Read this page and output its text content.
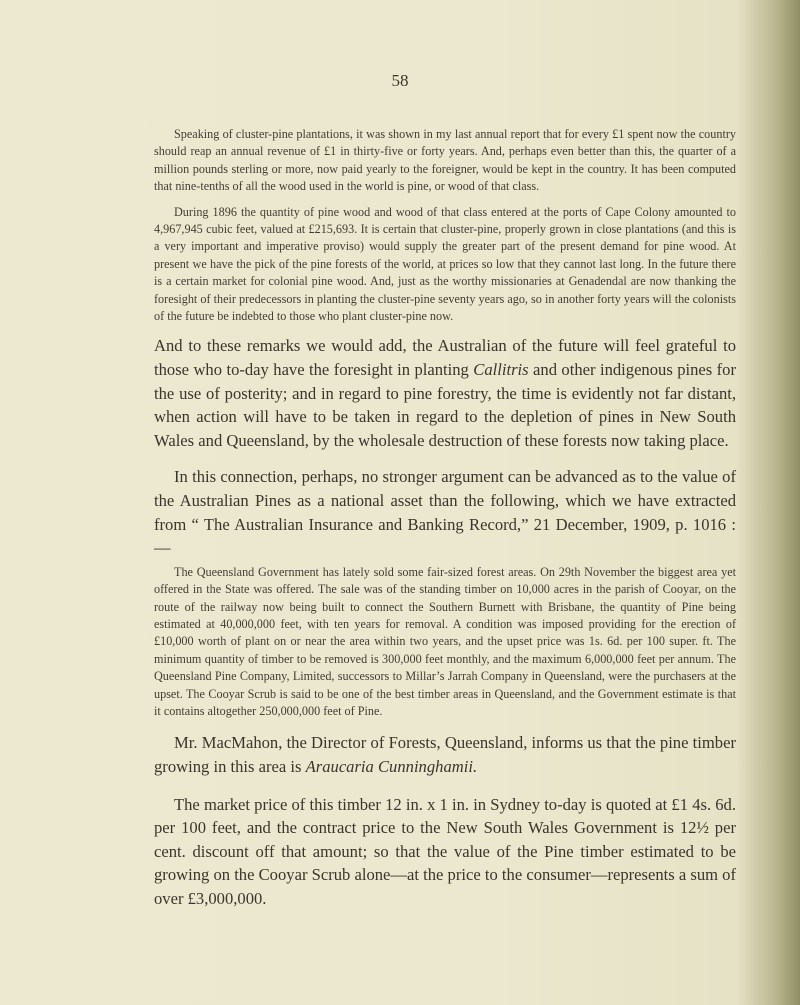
58

Speaking of cluster-pine plantations, it was shown in my last annual report that for every £1 spent now the country should reap an annual revenue of £1 in thirty-five or forty years. And, perhaps even better than this, the quarter of a million pounds sterling or more, now paid yearly to the foreigner, would be kept in the country. It has been computed that nine-tenths of all the wood used in the world is pine, or wood of that class.

During 1896 the quantity of pine wood and wood of that class entered at the ports of Cape Colony amounted to 4,967,945 cubic feet, valued at £215,693. It is certain that cluster-pine, properly grown in close plantations (and this is a very important and imperative proviso) would supply the greater part of the present demand for pine wood. At present we have the pick of the pine forests of the world, at prices so low that they cannot last long. In the future there is a certain market for colonial pine wood. And, just as the worthy missionaries at Genadendal are now thanking the foresight of their predecessors in planting the cluster-pine seventy years ago, so in another forty years will the colonists of the future be indebted to those who plant cluster-pine now.

And to these remarks we would add, the Australian of the future will feel grateful to those who to-day have the foresight in planting Callitris and other indigenous pines for the use of posterity; and in regard to pine forestry, the time is evidently not far distant, when action will have to be taken in regard to the depletion of pines in New South Wales and Queensland, by the wholesale destruction of these forests now taking place.

In this connection, perhaps, no stronger argument can be advanced as to the value of the Australian Pines as a national asset than the following, which we have extracted from “ The Australian Insurance and Banking Record,” 21 December, 1909, p. 1016 :—

The Queensland Government has lately sold some fair-sized forest areas. On 29th November the biggest area yet offered in the State was offered. The sale was of the standing timber on 10,000 acres in the parish of Cooyar, on the route of the railway now being built to connect the Southern Burnett with Brisbane, the quantity of Pine being estimated at 40,000,000 feet, with ten years for removal. A condition was imposed providing for the erection of £10,000 worth of plant on or near the area within two years, and the upset price was 1s. 6d. per 100 super. ft. The minimum quantity of timber to be removed is 300,000 feet monthly, and the maximum 6,000,000 feet per annum. The Queensland Pine Company, Limited, successors to Millar’s Jarrah Company in Queensland, were the purchasers at the upset. The Cooyar Scrub is said to be one of the best timber areas in Queensland, and the Government estimate is that it contains altogether 250,000,000 feet of Pine.

Mr. MacMahon, the Director of Forests, Queensland, informs us that the pine timber growing in this area is Araucaria Cunninghamii.

The market price of this timber 12 in. x 1 in. in Sydney to-day is quoted at £1 4s. 6d. per 100 feet, and the contract price to the New South Wales Government is 12½ per cent. discount off that amount; so that the value of the Pine timber estimated to be growing on the Cooyar Scrub alone—at the price to the consumer—represents a sum of over £3,000,000.
